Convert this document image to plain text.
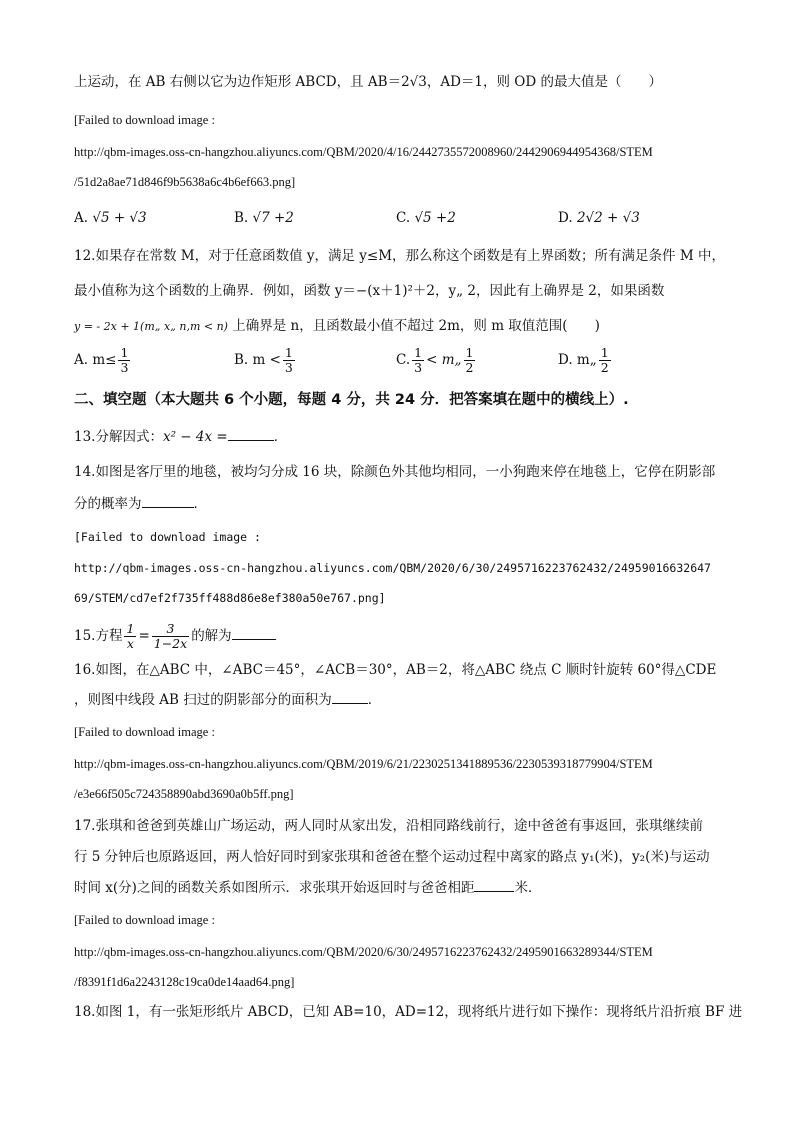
上运动，在 AB 右侧以它为边作矩形 ABCD，且 AB＝2√3，AD＝1，则 OD 的最大值是（　　）
[Failed to download image :
http://qbm-images.oss-cn-hangzhou.aliyuncs.com/QBM/2020/4/16/2442735572008960/2442906944954368/STEM
/51d2a8ae71d846f9b5638a6c4b6ef663.png]
A. √5 + √3	B. √7 +2	C. √5 +2	D. 2√2 + √3
12.如果存在常数 M，对于任意函数值 y，满足 y≤M，那么称这个函数是有上界函数；所有满足条件 M 中，
最小值称为这个函数的上确界．例如，函数 y＝−(x＋1)²＋2，y„ 2，因此有上确界是 2，如果函数
y = - 2x + 1(m„ x„ n,m < n) 上确界是 n，且函数最小值不超过 2m，则 m 取值范围(　　)
A. $m\le \frac{1}{3}$	B. $m < \frac{1}{3}$	C. $\frac{1}{3}$ < m„ $\frac{1}{2}$	D. m„ $\frac{1}{2}$
二、填空题（本大题共 6 个小题，每题 4 分，共 24 分．把答案填在题中的横线上）.
13.分解因式：x² − 4x =	．
14.如图是客厅里的地毯，被均匀分成 16 块，除颜色外其他均相同，一小狗跑来停在地毯上，它停在阴影部
分的概率为	．
[Failed to download image :
http://qbm-images.oss-cn-hangzhou.aliyuncs.com/QBM/2020/6/30/2495716223762432/24959016632647
69/STEM/cd7ef2f735ff488d86e8ef380a50e767.png]
15.方程 $\frac{1}{x} = \frac{3}{1-2x}$ 的解为
16.如图，在△ABC 中，∠ABC＝45°，∠ACB＝30°，AB＝2，将△ABC 绕点 C 顺时针旋转 60°得△CDE
，则图中线段 AB 扫过的阴影部分的面积为	．
[Failed to download image :
http://qbm-images.oss-cn-hangzhou.aliyuncs.com/QBM/2019/6/21/2230251341889536/2230539318779904/STEM
/e3e66f505c724358890abd3690a0b5ff.png]
17.张琪和爸爸到英雄山广场运动，两人同时从家出发，沿相同路线前行，途中爸爸有事返回，张琪继续前
行 5 分钟后也原路返回，两人恰好同时到家张琪和爸爸在整个运动过程中离家的路点 y₁(米)，y₂(米)与运动
时间 x(分)之间的函数关系如图所示．求张琪开始返回时与爸爸相距	米．
[Failed to download image :
http://qbm-images.oss-cn-hangzhou.aliyuncs.com/QBM/2020/6/30/2495716223762432/2495901663289344/STEM
/f8391f1d6a2243128c19ca0de14aad64.png]
18.如图 1，有一张矩形纸片 ABCD，已知 AB=10，AD=12，现将纸片进行如下操作：现将纸片沿折痕 BF 进
